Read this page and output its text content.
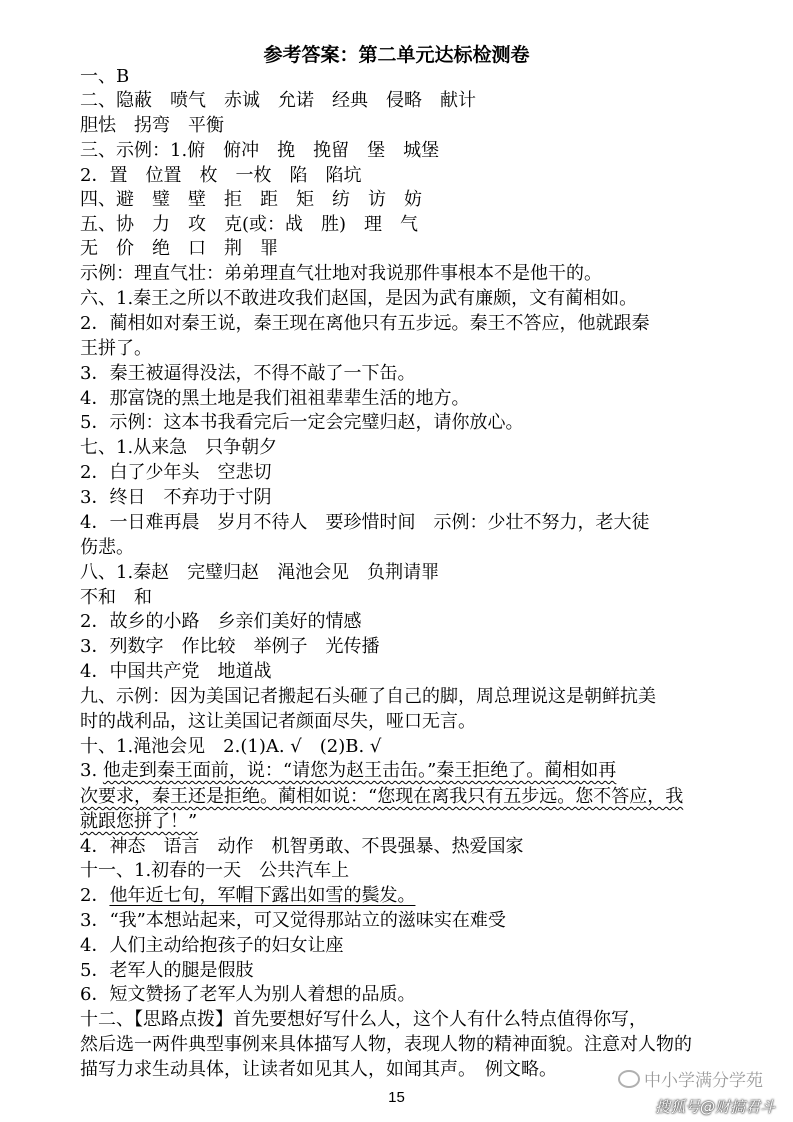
参考答案：第二单元达标检测卷
一、B
二、隐蔽　喷气　赤诚　允诺　经典　侵略　献计
胆怯　拐弯　平衡
三、示例：1.俯　俯冲　挽　挽留　堡　城堡
2．置　位置　枚　一枚　陷　陷坑
四、避　璧　壁　拒　距　矩　纺　访　妨
五、协　力　攻　克(或：战　胜)　理　气
无　价　绝　口　荆　罪
示例：理直气壮：弟弟理直气壮地对我说那件事根本不是他干的。
六、1.秦王之所以不敢进攻我们赵国，是因为武有廉颇，文有蔺相如。
2．蔺相如对秦王说，秦王现在离他只有五步远。秦王不答应，他就跟秦
王拼了。
3．秦王被逼得没法，不得不敲了一下缶。
4．那富饶的黑土地是我们祖祖辈辈生活的地方。
5．示例：这本书我看完后一定会完璧归赵，请你放心。
七、1.从来急　只争朝夕
2．白了少年头　空悲切
3．终日　不弃功于寸阴
4．一日难再晨　岁月不待人　要珍惜时间　示例：少壮不努力，老大徒
伤悲。
八、1.秦赵　完璧归赵　渑池会见　负荆请罪
不和　和
2．故乡的小路　乡亲们美好的情感
3．列数字　作比较　举例子　光传播
4．中国共产党　地道战
九、示例：因为美国记者搬起石头砸了自己的脚，周总理说这是朝鲜抗美
时的战利品，这让美国记者颜面尽失，哑口无言。
十、1.渑池会见　2.(1)A. √　(2)B. √
3. 他走到秦王面前，说：“请您为赵王击缶。”秦王拒绝了。蔺相如再
次要求，秦王还是拒绝。蔺相如说：“您现在离我只有五步远。您不答应，我
就跟您拼了！”
4．神态　语言　动作　机智勇敢、不畏强暴、热爱国家
十一、1.初春的一天　公共汽车上
2．他年近七旬，军帽下露出如雪的鬓发。
3．“我”本想站起来，可又觉得那站立的滋味实在难受
4．人们主动给抱孩子的妇女让座
5．老军人的腿是假肢
6．短文赞扬了老军人为别人着想的品质。
十二、【思路点拨】首先要想好写什么人，这个人有什么特点值得你写，
然后选一两件典型事例来具体描写人物，表现人物的精神面貌。注意对人物的
描写力求生动具体，让读者如见其人，如闻其声。　例文略。
15
中小学满分学苑
搜狐号@财搞君斗
